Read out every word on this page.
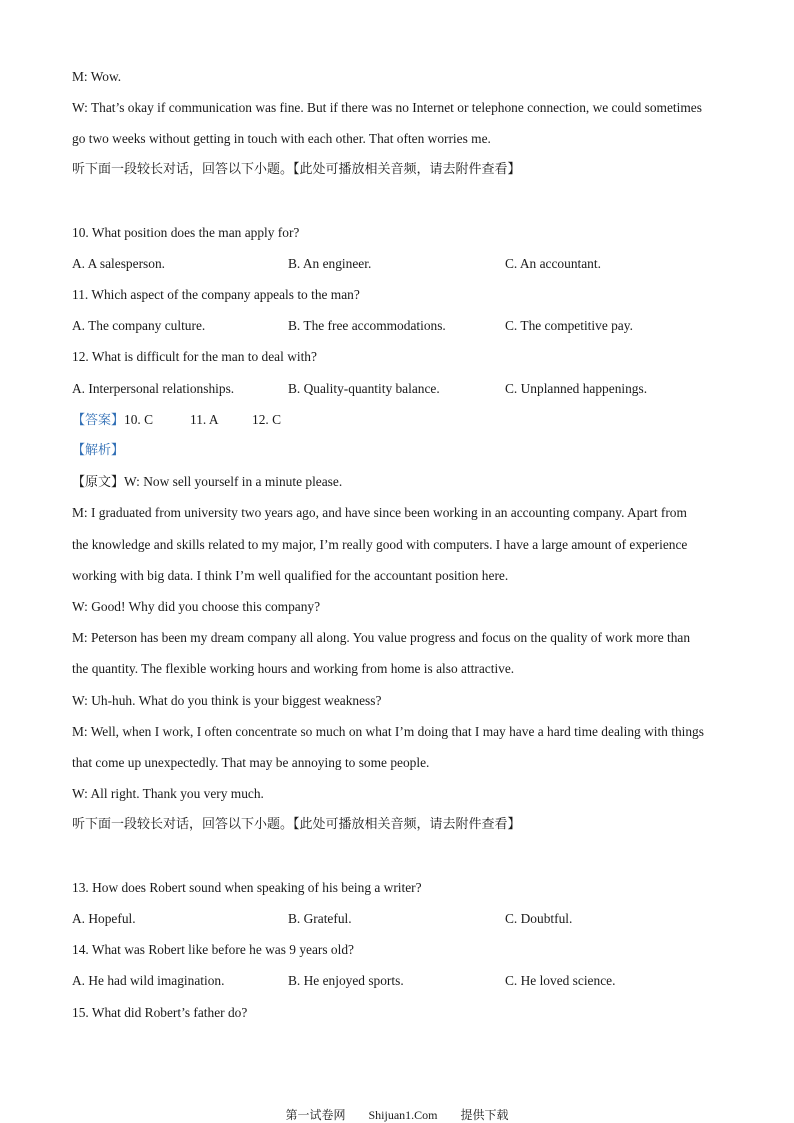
M: Wow.
W: That’s okay if communication was fine. But if there was no Internet or telephone connection, we could sometimes
go two weeks without getting in touch with each other. That often worries me.
听下面一段较长对话，回答以下小题。【此处可播放相关音频，请去附件查看】
10. What position does the man apply for?
A. A salesperson.	B. An engineer.	C. An accountant.
11. Which aspect of the company appeals to the man?
A. The company culture.	B. The free accommodations.	C. The competitive pay.
12. What is difficult for the man to deal with?
A. Interpersonal relationships.	B. Quality-quantity balance.	C. Unplanned happenings.
【答案】10. C	11. A 12. C
【解析】
【原文】W: Now sell yourself in a minute please.
M: I graduated from university two years ago, and have since been working in an accounting company. Apart from
the knowledge and skills related to my major, I’m really good with computers. I have a large amount of experience
working with big data. I think I’m well qualified for the accountant position here.
W: Good! Why did you choose this company?
M: Peterson has been my dream company all along. You value progress and focus on the quality of work more than
the quantity. The flexible working hours and working from home is also attractive.
W: Uh-huh. What do you think is your biggest weakness?
M: Well, when I work, I often concentrate so much on what I’m doing that I may have a hard time dealing with things
that come up unexpectedly. That may be annoying to some people.
W: All right. Thank you very much.
听下面一段较长对话，回答以下小题。【此处可播放相关音频，请去附件查看】
13. How does Robert sound when speaking of his being a writer?
A. Hopeful.	B. Grateful.	C. Doubtful.
14. What was Robert like before he was 9 years old?
A. He had wild imagination.	B. He enjoyed sports.	C. He loved science.
15. What did Robert’s father do?
第一试卷网 Shijuan1.Com 提供下载
